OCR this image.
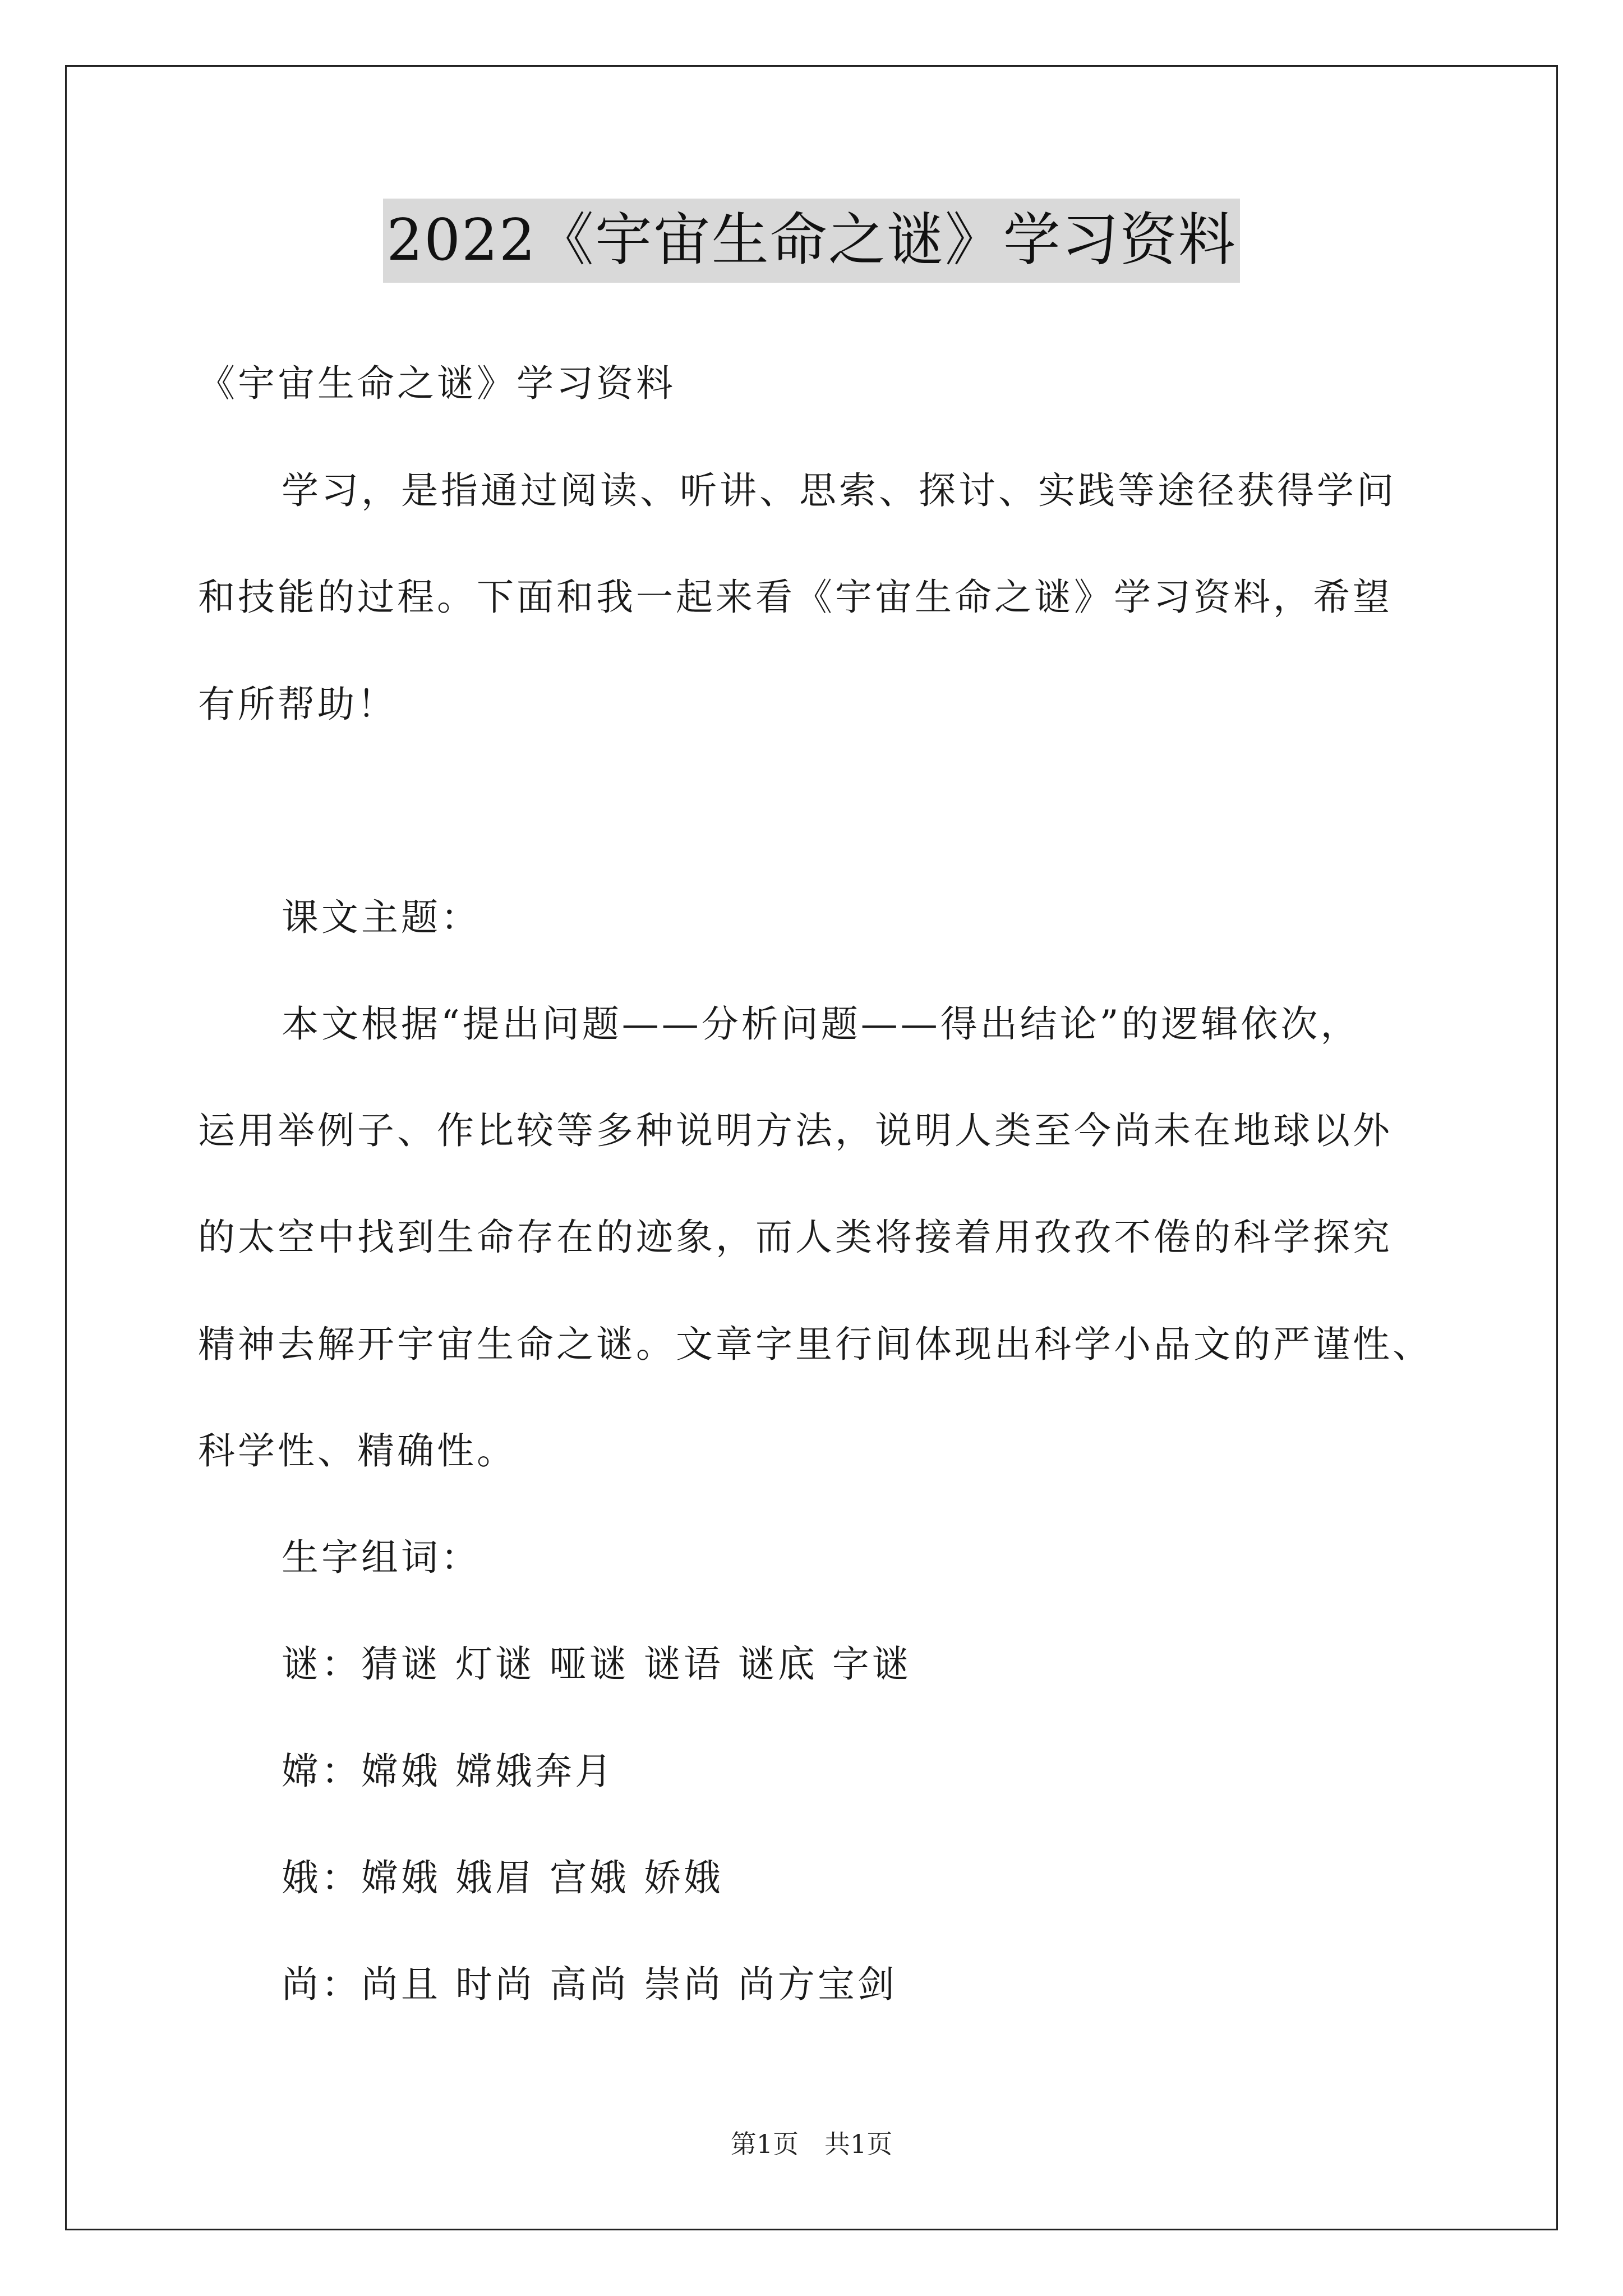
2022《宇宙生命之谜》学习资料
《宇宙生命之谜》学习资料
学习，是指通过阅读、听讲、思索、探讨、实践等途径获得学问
和技能的过程。下面和我一起来看《宇宙生命之谜》学习资料，希望
有所帮助！
课文主题：
本文根据“提出问题——分析问题——得出结论”的逻辑依次，
运用举例子、作比较等多种说明方法，说明人类至今尚未在地球以外
的太空中找到生命存在的迹象，而人类将接着用孜孜不倦的科学探究
精神去解开宇宙生命之谜。文章字里行间体现出科学小品文的严谨性、
科学性、精确性。
生字组词：
谜：猜谜 灯谜 哑谜 谜语 谜底 字谜
嫦：嫦娥 嫦娥奔月
娥：嫦娥 娥眉 宫娥 娇娥
尚：尚且 时尚 高尚 崇尚 尚方宝剑
第1页　共1页
